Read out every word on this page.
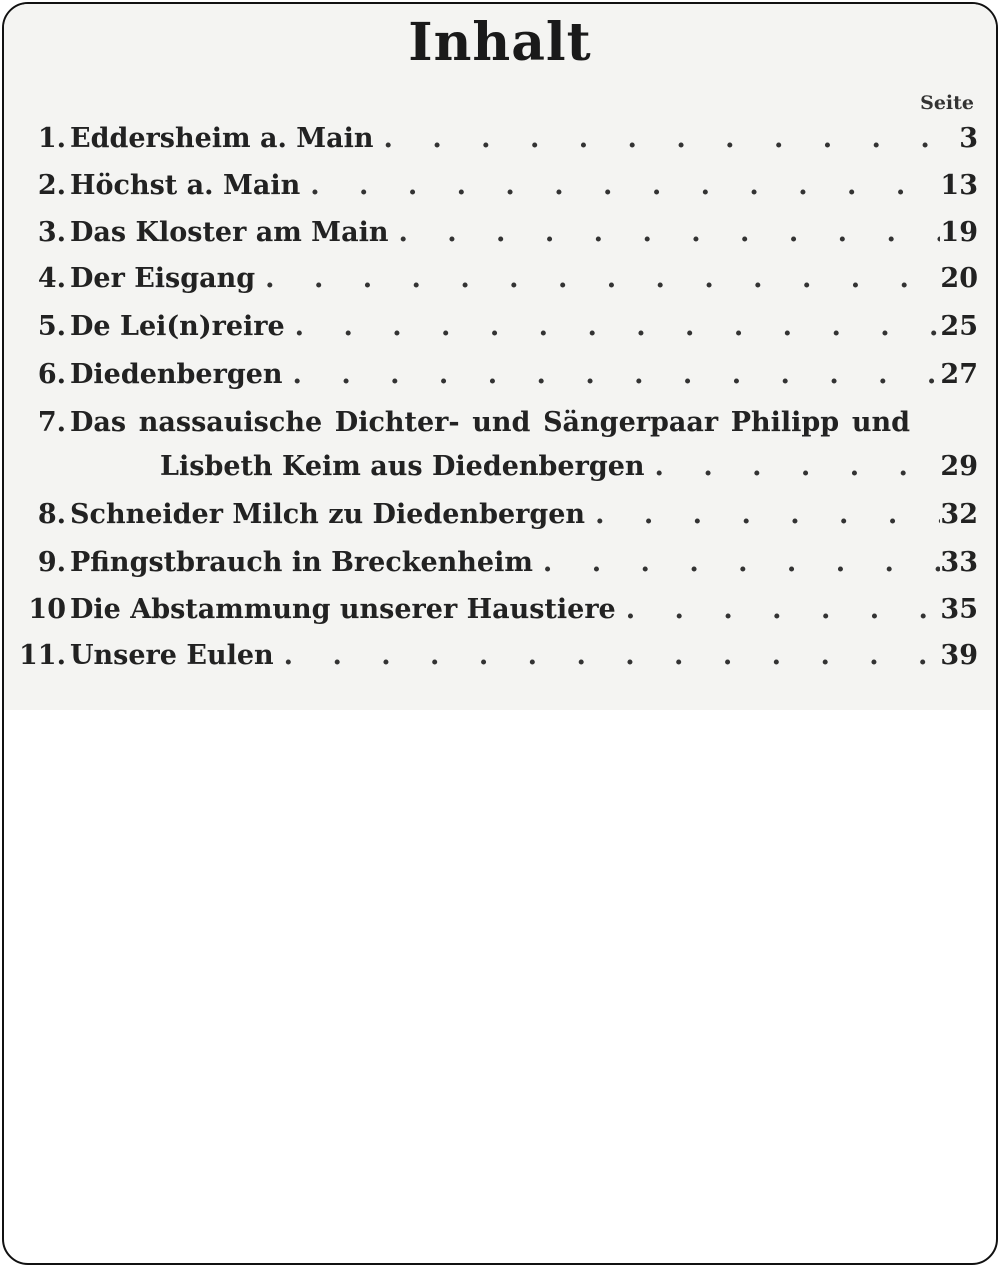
Inhalt
Seite
1. Eddersheim a. Main . . .	3
2. Höchst a. Main . . .	13
3. Das Kloster am Main . . .	19
4. Der Eisgang . . .	20
5. De Lei(n)reire . . .	25
6. Diedenbergen . . .	27
7. Das nassauische Dichter- und Sängerpaar Philipp und
Lisbeth Keim aus Diedenbergen . . .	29
8. Schneider Milch zu Diedenbergen . . .	32
9. Pfingstbrauch in Breckenheim . . .	33
10 Die Abstammung unserer Haustiere . . .	35
11. Unsere Eulen . . .	39
